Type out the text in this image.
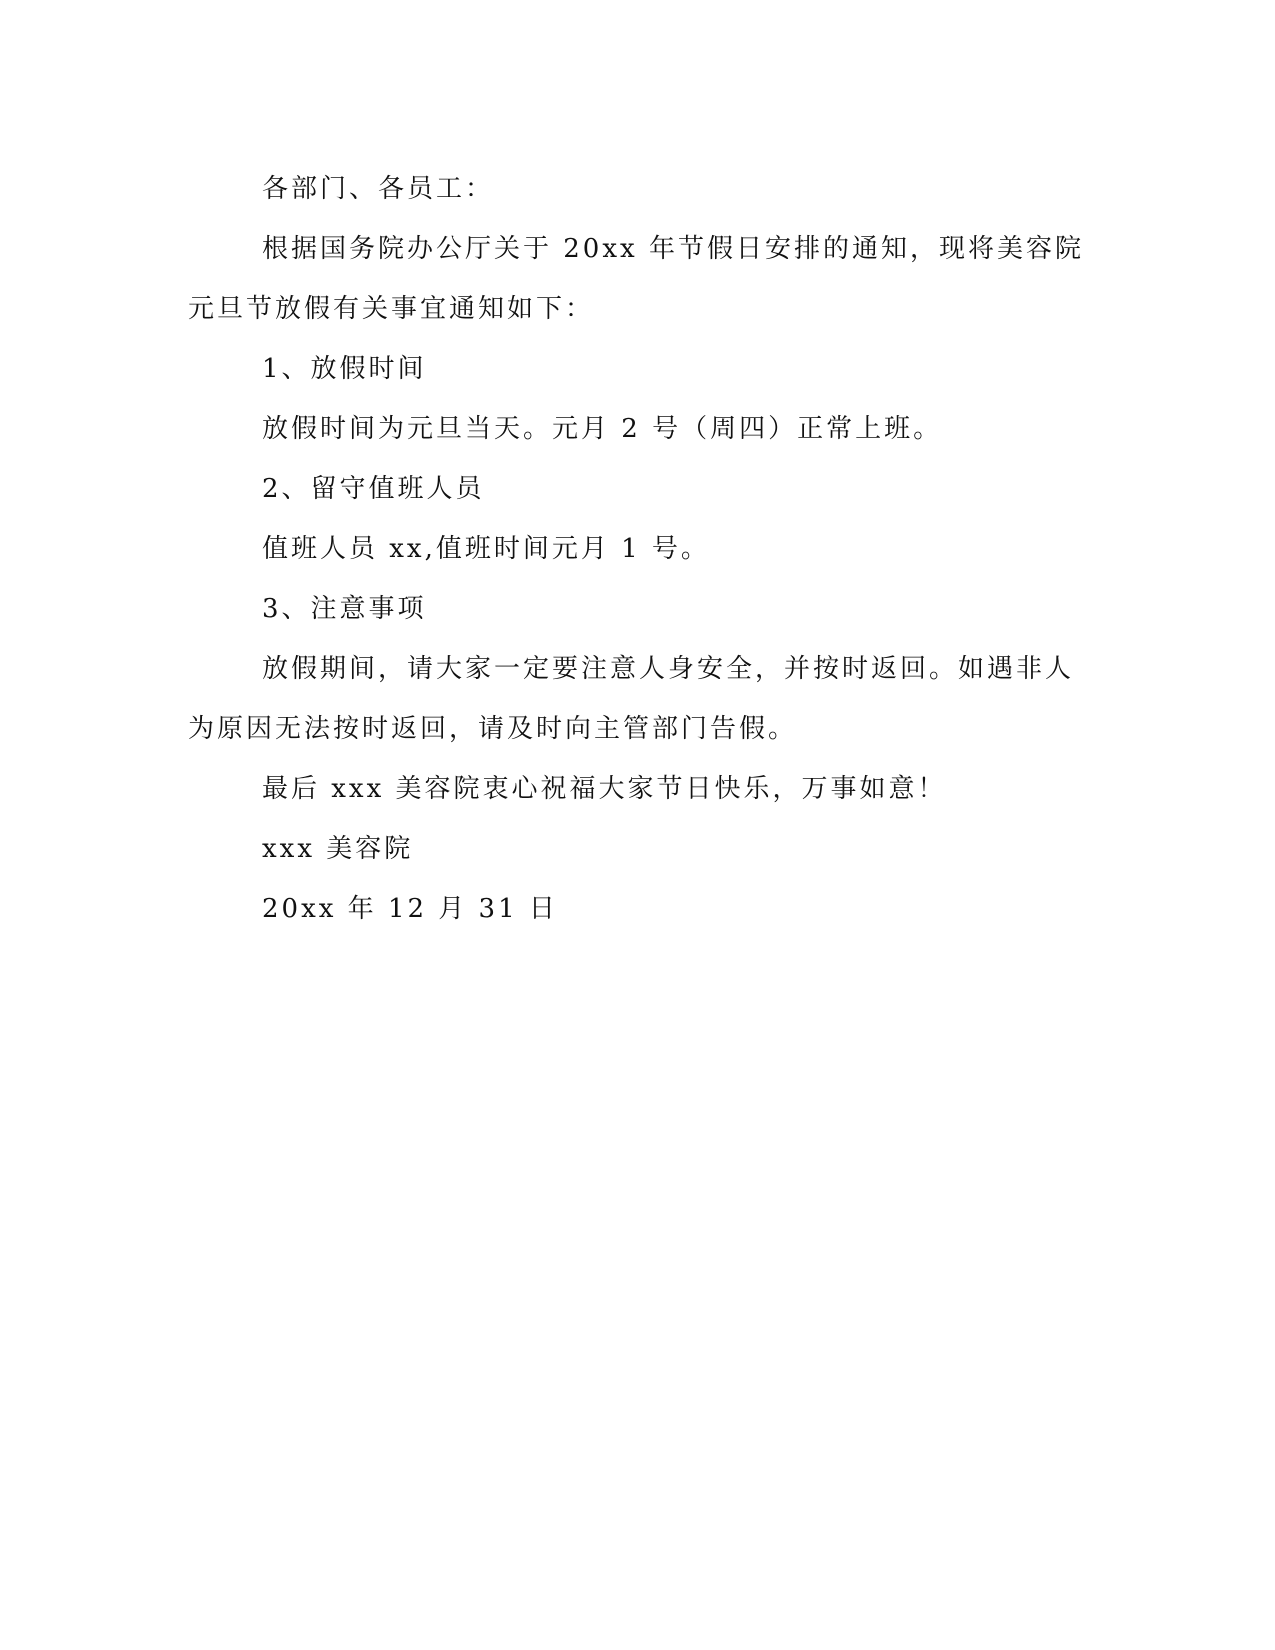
各部门、各员工：
根据国务院办公厅关于 20xx 年节假日安排的通知，现将美容院
元旦节放假有关事宜通知如下：
1、放假时间
放假时间为元旦当天。元月 2 号（周四）正常上班。
2、留守值班人员
值班人员 xx,值班时间元月 1 号。
3、注意事项
放假期间，请大家一定要注意人身安全，并按时返回。如遇非人
为原因无法按时返回，请及时向主管部门告假。
最后 xxx 美容院衷心祝福大家节日快乐，万事如意！
xxx 美容院
20xx 年 12 月 31 日
